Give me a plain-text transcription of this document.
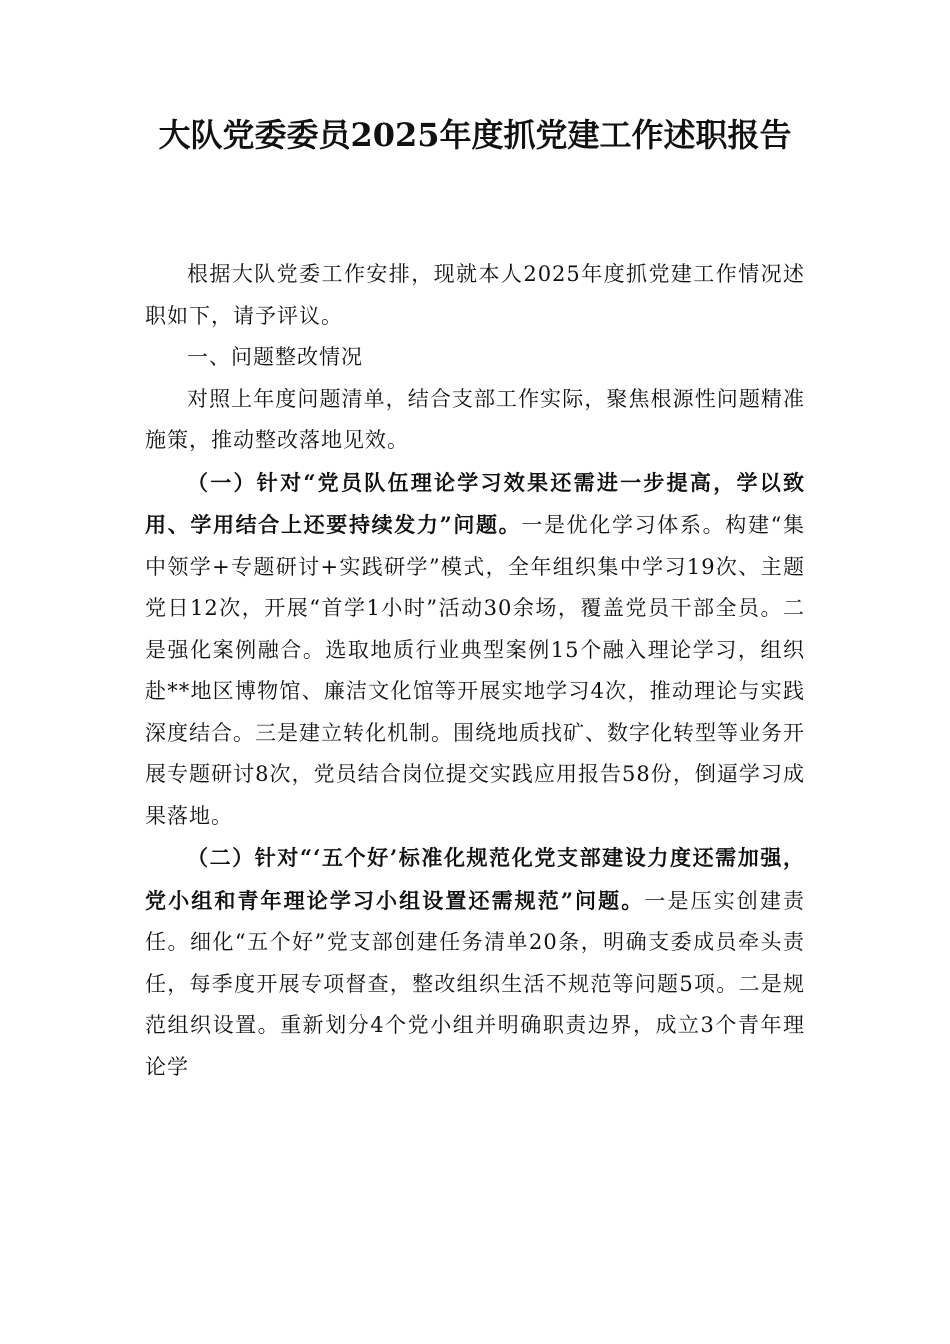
大队党委委员2025年度抓党建工作述职报告

根据大队党委工作安排，现就本人2025年度抓党建工作情况述职如下，请予评议。

一、问题整改情况

对照上年度问题清单，结合支部工作实际，聚焦根源性问题精准施策，推动整改落地见效。

（一）针对“党员队伍理论学习效果还需进一步提高，学以致用、学用结合上还要持续发力”问题。一是优化学习体系。构建“集中领学+专题研讨+实践研学”模式，全年组织集中学习19次、主题党日12次，开展“首学1小时”活动30余场，覆盖党员干部全员。二是强化案例融合。选取地质行业典型案例15个融入理论学习，组织赴**地区博物馆、廉洁文化馆等开展实地学习4次，推动理论与实践深度结合。三是建立转化机制。围绕地质找矿、数字化转型等业务开展专题研讨8次，党员结合岗位提交实践应用报告58份，倒逼学习成果落地。

（二）针对“‘五个好’标准化规范化党支部建设力度还需加强，党小组和青年理论学习小组设置还需规范”问题。一是压实创建责任。细化“五个好”党支部创建任务清单20条，明确支委成员牵头责任，每季度开展专项督查，整改组织生活不规范等问题5项。二是规范组织设置。重新划分4个党小组并明确职责边界，成立3个青年理论学
